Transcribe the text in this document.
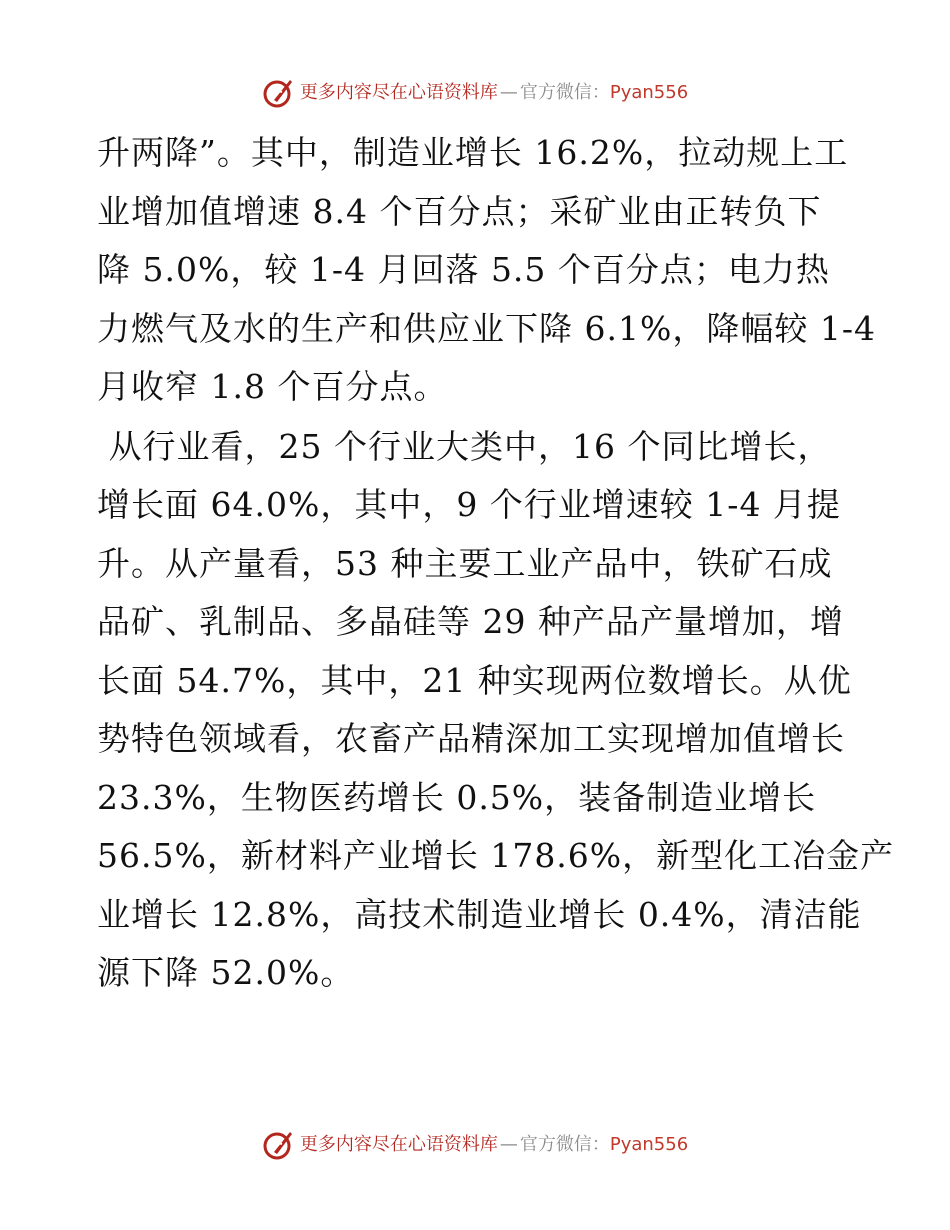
更多内容尽在心语资料库 — 官方微信： Pyan556
升两降”。其中，制造业增长 16.2%，拉动规上工
业增加值增速 8.4 个百分点；采矿业由正转负下
降 5.0%，较 1-4 月回落 5.5 个百分点；电力热
力燃气及水的生产和供应业下降 6.1%，降幅较 1-4
月收窄 1.8 个百分点。
从行业看，25 个行业大类中，16 个同比增长，
增长面 64.0%，其中，9 个行业增速较 1-4 月提
升。从产量看，53 种主要工业产品中，铁矿石成
品矿、乳制品、多晶硅等 29 种产品产量增加，增
长面 54.7%，其中，21 种实现两位数增长。从优
势特色领域看，农畜产品精深加工实现增加值增长
23.3%，生物医药增长 0.5%，装备制造业增长
56.5%，新材料产业增长 178.6%，新型化工冶金产
业增长 12.8%，高技术制造业增长 0.4%，清洁能
源下降 52.0%。
更多内容尽在心语资料库 — 官方微信： Pyan556
